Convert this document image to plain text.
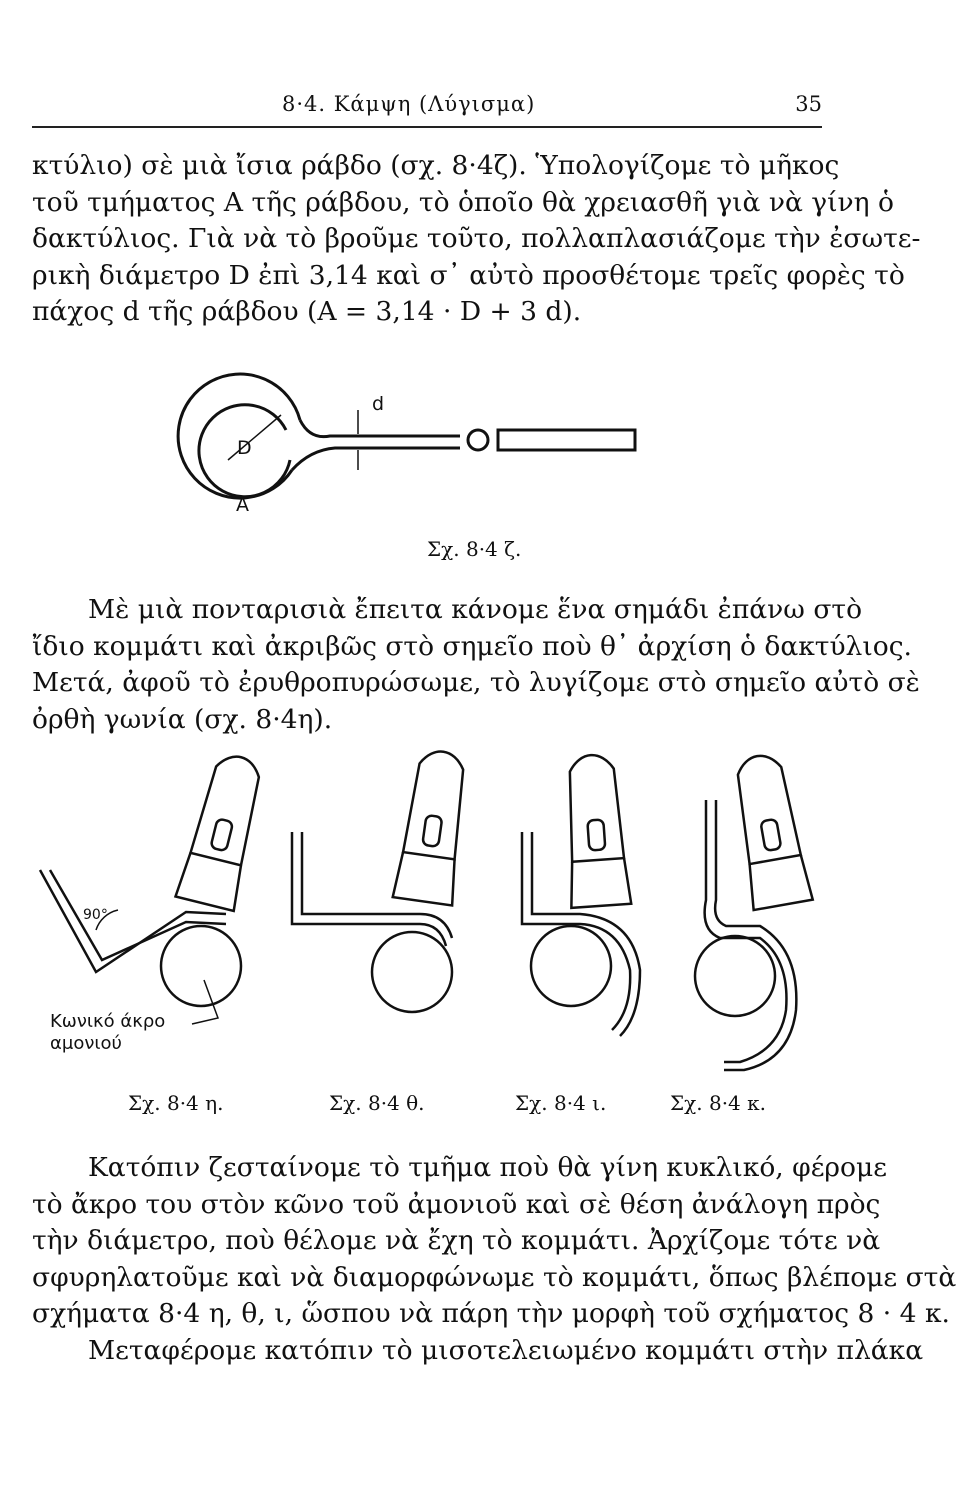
8·4. Κάμψη (Λύγισμα)	35
κτύλιο) σὲ μιὰ ἴσια ράβδο (σχ. 8·4ζ). Ὑπολογίζομε τὸ μῆκος
τοῦ τμήματος A τῆς ράβδου, τὸ ὁποῖο θὰ χρειασθῆ γιὰ νὰ γίνη ὁ
δακτύλιος. Γιὰ νὰ τὸ βροῦμε τοῦτο, πολλαπλασιάζομε τὴν ἐσωτε-
ρικὴ διάμετρο D ἐπὶ 3,14 καὶ σ᾽ αὐτὸ προσθέτομε τρεῖς φορὲς τὸ
πάχος d τῆς ράβδου (A = 3,14 · D + 3 d).
D
d
A
Σχ. 8·4 ζ.
Μὲ μιὰ πονταρισιὰ ἔπειτα κάνομε ἕνα σημάδι ἐπάνω στὸ
ἴδιο κομμάτι καὶ ἀκριβῶς στὸ σημεῖο ποὺ θ᾽ ἀρχίση ὁ δακτύλιος.
Μετά, ἀφοῦ τὸ ἐρυθροπυρώσωμε, τὸ λυγίζομε στὸ σημεῖο αὐτὸ σὲ
ὀρθὴ γωνία (σχ. 8·4η).
90°
Κωνικό άκρο
αμονιού
Σχ. 8·4 η.	Σχ. 8·4 θ.	Σχ. 8·4 ι.	Σχ. 8·4 κ.
Κατόπιν ζεσταίνομε τὸ τμῆμα ποὺ θὰ γίνη κυκλικό, φέρομε
τὸ ἄκρο του στὸν κῶνο τοῦ ἀμονιοῦ καὶ σὲ θέση ἀνάλογη πρὸς
τὴν διάμετρο, ποὺ θέλομε νὰ ἔχη τὸ κομμάτι. Ἀρχίζομε τότε νὰ
σφυρηλατοῦμε καὶ νὰ διαμορφώνωμε τὸ κομμάτι, ὅπως βλέπομε στὰ
σχήματα 8·4 η, θ, ι, ὥσπου νὰ πάρη τὴν μορφὴ τοῦ σχήματος 8 · 4 κ.
Μεταφέρομε κατόπιν τὸ μισοτελειωμένο κομμάτι στὴν πλάκα
